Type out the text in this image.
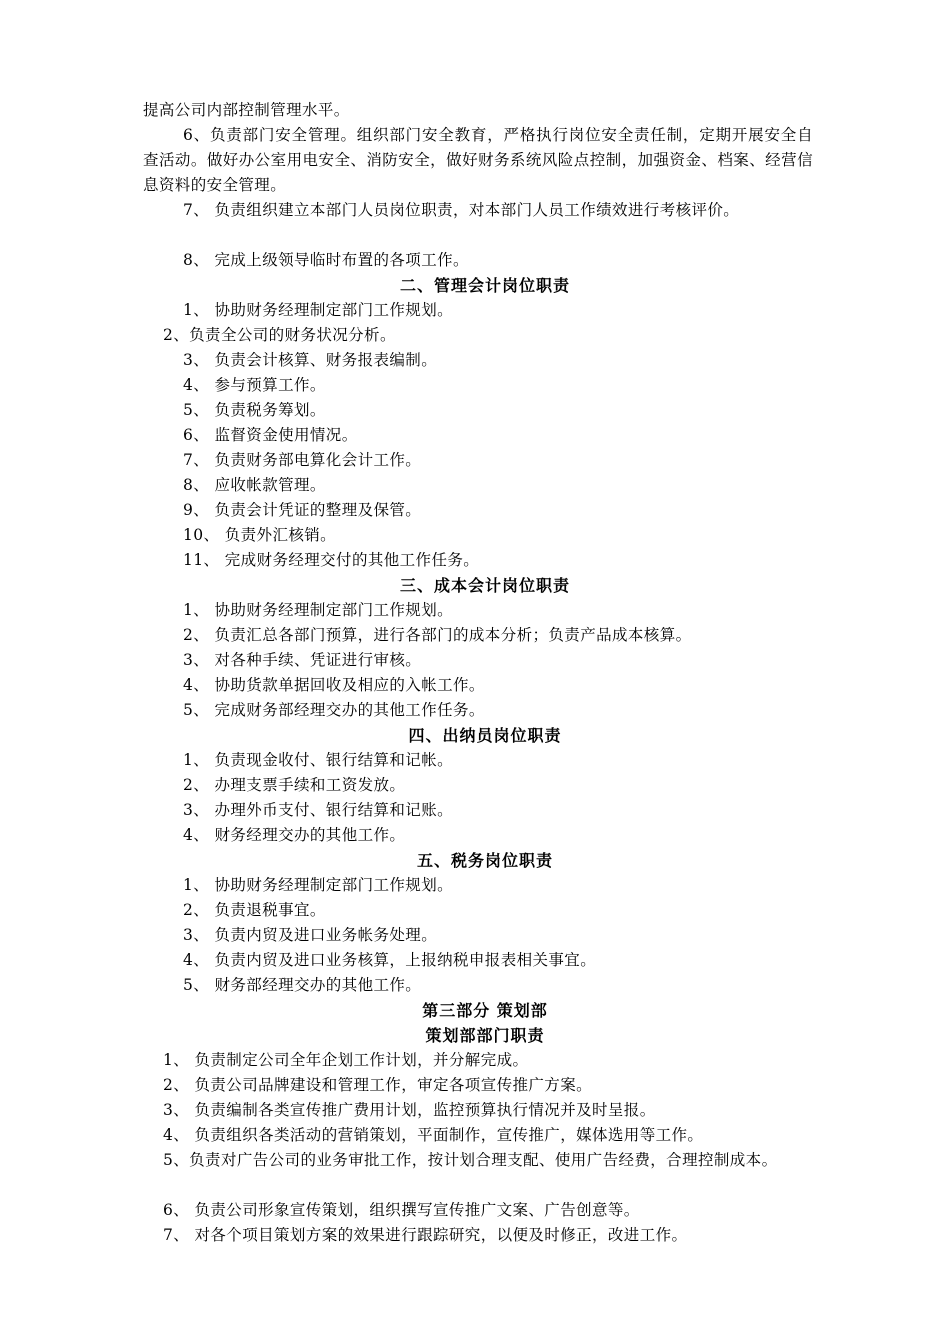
提高公司内部控制管理水平。
6、负责部门安全管理。组织部门安全教育，严格执行岗位安全责任制，定期开展安全自查活动。做好办公室用电安全、消防安全，做好财务系统风险点控制，加强资金、档案、经营信息资料的安全管理。
7、 负责组织建立本部门人员岗位职责，对本部门人员工作绩效进行考核评价。
8、 完成上级领导临时布置的各项工作。
二、管理会计岗位职责
1、 协助财务经理制定部门工作规划。
2、负责全公司的财务状况分析。
3、 负责会计核算、财务报表编制。
4、 参与预算工作。
5、 负责税务筹划。
6、 监督资金使用情况。
7、 负责财务部电算化会计工作。
8、 应收帐款管理。
9、 负责会计凭证的整理及保管。
10、 负责外汇核销。
11、 完成财务经理交付的其他工作任务。
三、成本会计岗位职责
1、 协助财务经理制定部门工作规划。
2、 负责汇总各部门预算，进行各部门的成本分析；负责产品成本核算。
3、 对各种手续、凭证进行审核。
4、 协助货款单据回收及相应的入帐工作。
5、 完成财务部经理交办的其他工作任务。
四、出纳员岗位职责
1、 负责现金收付、银行结算和记帐。
2、 办理支票手续和工资发放。
3、 办理外币支付、银行结算和记账。
4、 财务经理交办的其他工作。
五、税务岗位职责
1、 协助财务经理制定部门工作规划。
2、 负责退税事宜。
3、 负责内贸及进口业务帐务处理。
4、 负责内贸及进口业务核算，上报纳税申报表相关事宜。
5、 财务部经理交办的其他工作。
第三部分 策划部
策划部部门职责
1、 负责制定公司全年企划工作计划，并分解完成。
2、 负责公司品牌建设和管理工作，审定各项宣传推广方案。
3、 负责编制各类宣传推广费用计划，监控预算执行情况并及时呈报。
4、 负责组织各类活动的营销策划，平面制作，宣传推广，媒体选用等工作。
5、负责对广告公司的业务审批工作，按计划合理支配、使用广告经费，合理控制成本。
6、 负责公司形象宣传策划，组织撰写宣传推广文案、广告创意等。
7、 对各个项目策划方案的效果进行跟踪研究，以便及时修正，改进工作。
